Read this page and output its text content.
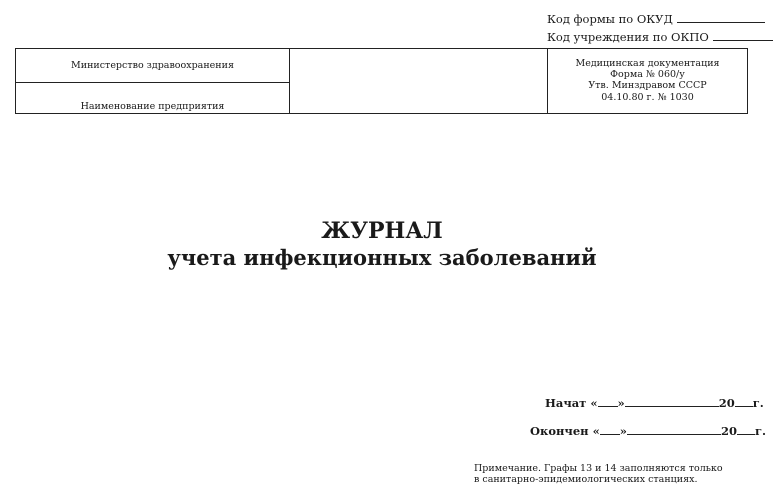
Код формы по ОКУД
Код учреждения по ОКПО
Министерство здравоохранения
Наименование предприятия
Медицинская документация
Форма № 060/у
Утв. Минздравом СССР
04.10.80 г. № 1030
ЖУРНАЛ
учета инфекционных заболеваний
Начат « »	20 г.
Окончен « »	20 г.
Примечание. Графы 13 и 14 заполняются только
в санитарно-эпидемиологических станциях.
